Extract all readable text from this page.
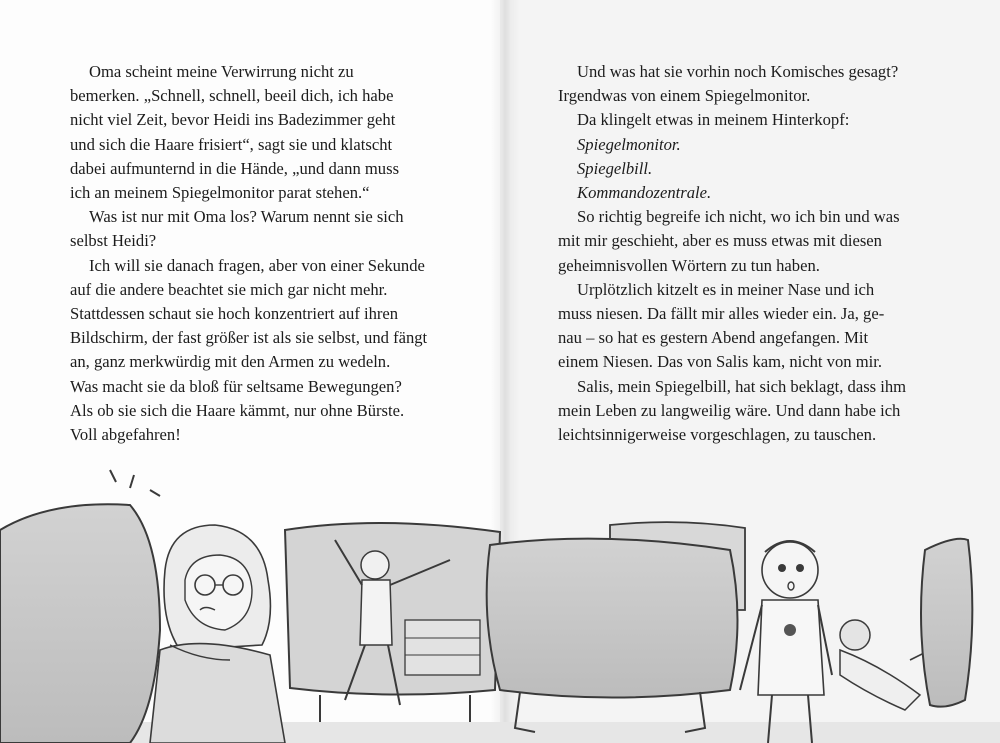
Oma scheint meine Verwirrung nicht zu
bemerken. „Schnell, schnell, beeil dich, ich habe
nicht viel Zeit, bevor Heidi ins Badezimmer geht
und sich die Haare frisiert“, sagt sie und klatscht
dabei aufmunternd in die Hände, „und dann muss
ich an meinem Spiegelmonitor parat stehen.“
Was ist nur mit Oma los? Warum nennt sie sich
selbst Heidi?
Ich will sie danach fragen, aber von einer Sekunde
auf die andere beachtet sie mich gar nicht mehr.
Stattdessen schaut sie hoch konzentriert auf ihren
Bildschirm, der fast größer ist als sie selbst, und fängt
an, ganz merkwürdig mit den Armen zu wedeln.
Was macht sie da bloß für seltsame Bewegungen?
Als ob sie sich die Haare kämmt, nur ohne Bürste.
Voll abgefahren!
Und was hat sie vorhin noch Komisches gesagt?
Irgendwas von einem Spiegelmonitor.
Da klingelt etwas in meinem Hinterkopf:
Spiegelmonitor.
Spiegelbill.
Kommandozentrale.
So richtig begreife ich nicht, wo ich bin und was
mit mir geschieht, aber es muss etwas mit diesen
geheimnisvollen Wörtern zu tun haben.
Urplötzlich kitzelt es in meiner Nase und ich
muss niesen. Da fällt mir alles wieder ein. Ja, ge-
nau – so hat es gestern Abend angefangen. Mit
einem Niesen. Das von Salis kam, nicht von mir.
Salis, mein Spiegelbill, hat sich beklagt, dass ihm
mein Leben zu langweilig wäre. Und dann habe ich
leichtsinnigerweise vorgeschlagen, zu tauschen.
